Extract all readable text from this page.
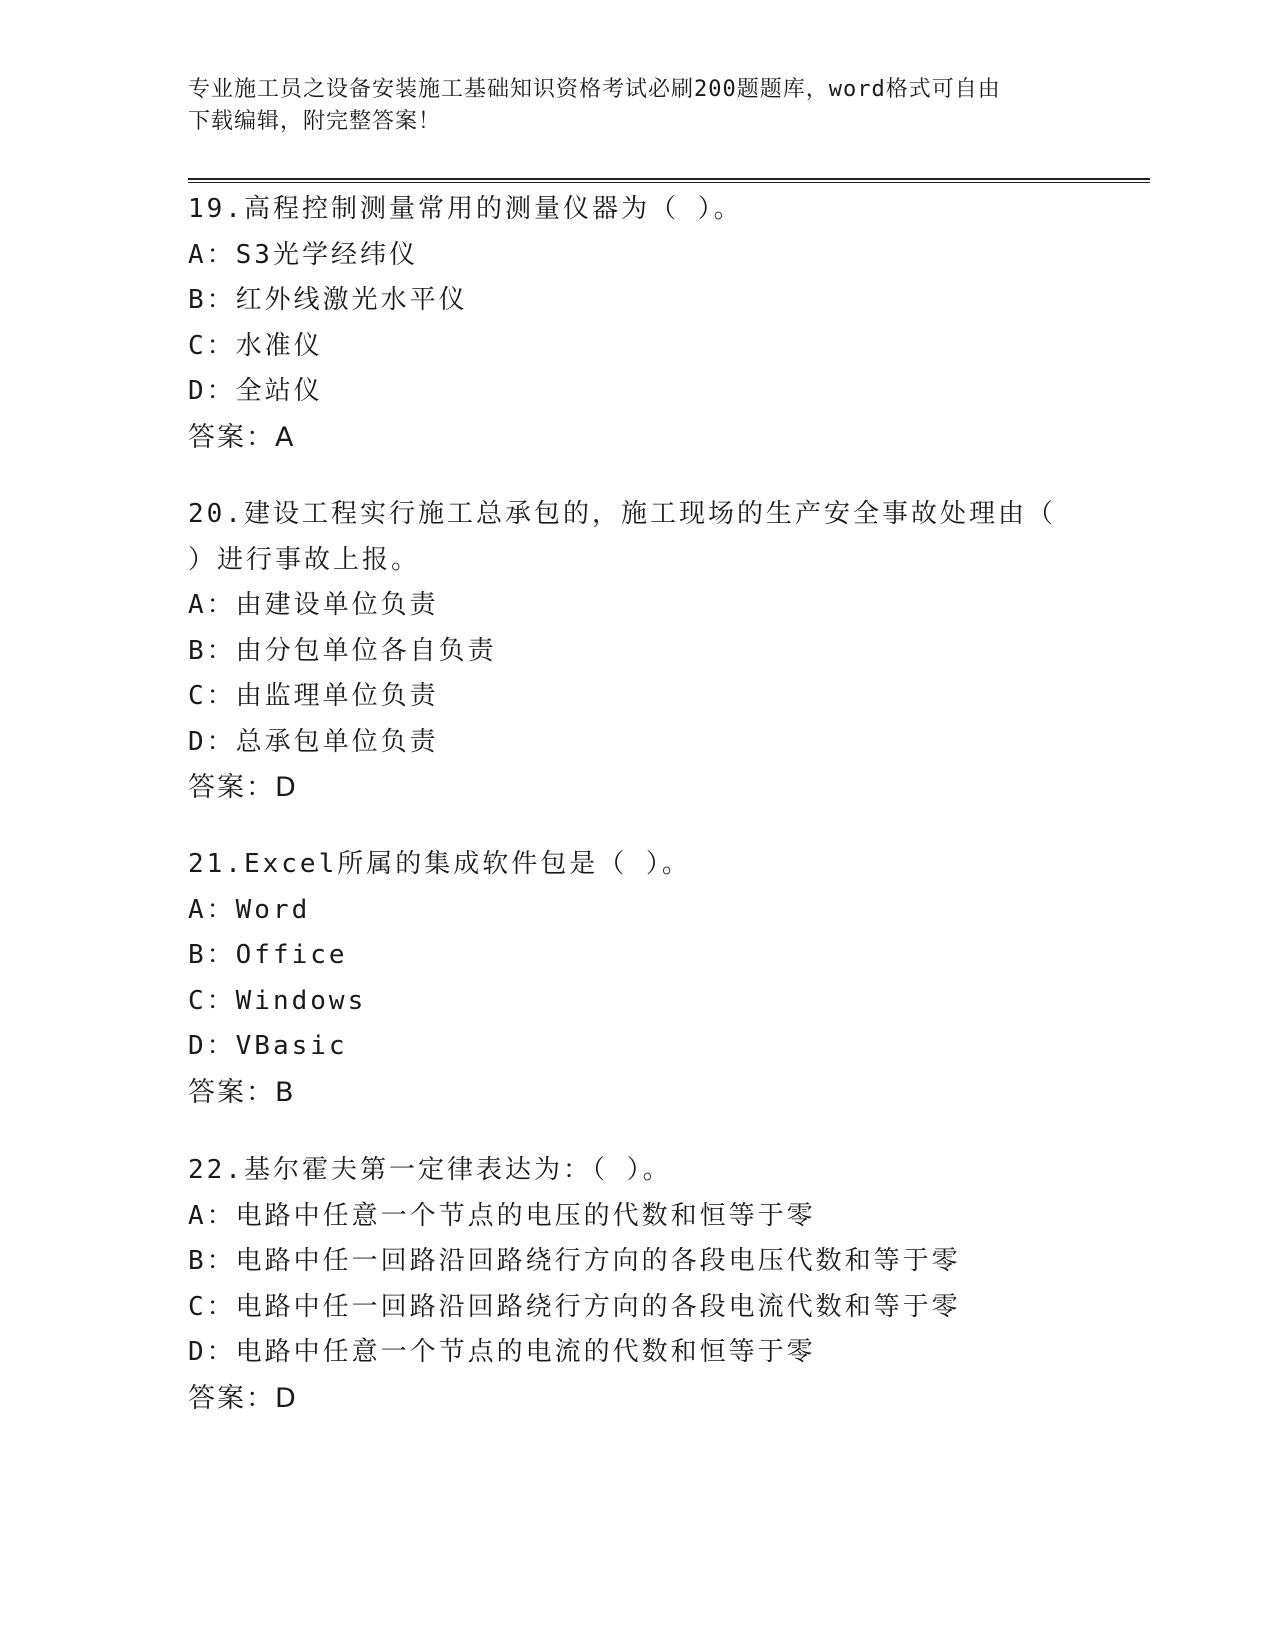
专业施工员之设备安装施工基础知识资格考试必刷200题题库，word格式可自由
下载编辑，附完整答案！
19.高程控制测量常用的测量仪器为（ ）。
A：S3光学经纬仪
B：红外线激光水平仪
C：水准仪
D：全站仪
答案：A
20.建设工程实行施工总承包的，施工现场的生产安全事故处理由（
）进行事故上报。
A：由建设单位负责
B：由分包单位各自负责
C：由监理单位负责
D：总承包单位负责
答案：D
21.Excel所属的集成软件包是（ ）。
A：Word
B：Office
C：Windows
D：VBasic
答案：B
22.基尔霍夫第一定律表达为：（ ）。
A：电路中任意一个节点的电压的代数和恒等于零
B：电路中任一回路沿回路绕行方向的各段电压代数和等于零
C：电路中任一回路沿回路绕行方向的各段电流代数和等于零
D：电路中任意一个节点的电流的代数和恒等于零
答案：D
